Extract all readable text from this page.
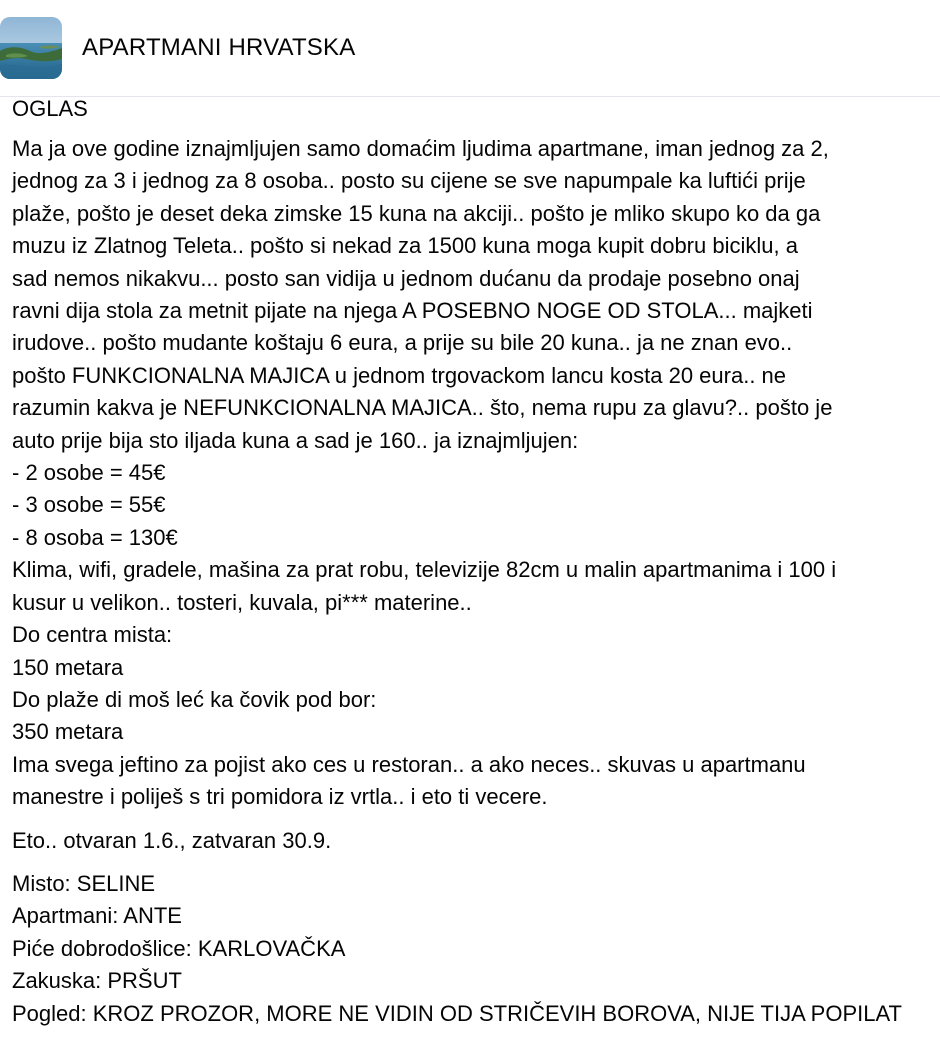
APARTMANI HRVATSKA
OGLAS
Ma ja ove godine iznajmljujen samo domaćim ljudima apartmane, iman jednog za 2,
jednog za 3 i jednog za 8 osoba.. posto su cijene se sve napumpale ka luftići prije
plaže, pošto je deset deka zimske 15 kuna na akciji.. pošto je mliko skupo ko da ga
muzu iz Zlatnog Teleta.. pošto si nekad za 1500 kuna moga kupit dobru biciklu, a
sad nemos nikakvu... posto san vidija u jednom dućanu da prodaje posebno onaj
ravni dija stola za metnit pijate na njega A POSEBNO NOGE OD STOLA... majketi
irudove.. pošto mudante koštaju 6 eura, a prije su bile 20 kuna.. ja ne znan evo..
pošto FUNKCIONALNA MAJICA u jednom trgovackom lancu kosta 20 eura.. ne
razumin kakva je NEFUNKCIONALNA MAJICA.. što, nema rupu za glavu?.. pošto je
auto prije bija sto iljada kuna a sad je 160.. ja iznajmljujen:
- 2 osobe = 45€
- 3 osobe = 55€
- 8 osoba = 130€
Klima, wifi, gradele, mašina za prat robu, televizije 82cm u malin apartmanima i 100 i
kusur u velikon.. tosteri, kuvala, pi*** materine..
Do centra mista:
150 metara
Do plaže di moš leć ka čovik pod bor:
350 metara
Ima svega jeftino za pojist ako ces u restoran.. a ako neces.. skuvas u apartmanu
manestre i poliješ s tri pomidora iz vrtla.. i eto ti vecere.
Eto.. otvaran 1.6., zatvaran 30.9.
Misto: SELINE
Apartmani: ANTE
Piće dobrodošlice: KARLOVAČKA
Zakuska: PRŠUT
Pogled: KROZ PROZOR, MORE NE VIDIN OD STRIČEVIH BOROVA, NIJE TIJA POPILAT
